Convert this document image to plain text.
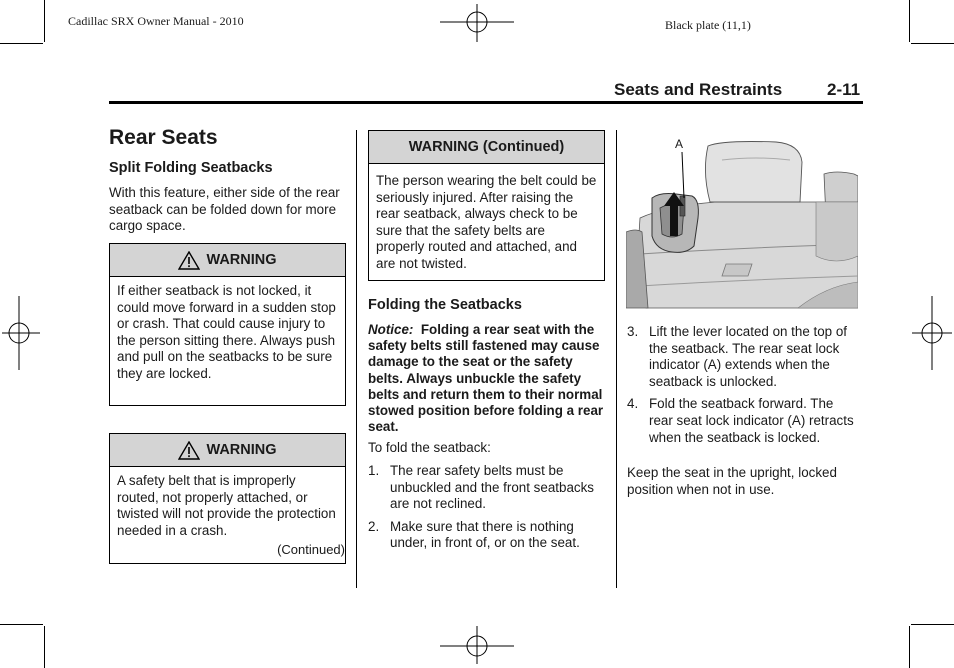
Cadillac SRX Owner Manual - 2010	Black plate (11,1)
Seats and Restraints	2-11
Rear Seats
Split Folding Seatbacks
With this feature, either side of the rear seatback can be folded down for more cargo space.
WARNING
If either seatback is not locked, it could move forward in a sudden stop or crash. That could cause injury to the person sitting there. Always push and pull on the seatbacks to be sure they are locked.
WARNING
A safety belt that is improperly routed, not properly attached, or twisted will not provide the protection needed in a crash.
(Continued)
WARNING (Continued)
The person wearing the belt could be seriously injured. After raising the rear seatback, always check to be sure that the safety belts are properly routed and attached, and are not twisted.
Folding the Seatbacks
Notice: Folding a rear seat with the safety belts still fastened may cause damage to the seat or the safety belts. Always unbuckle the safety belts and return them to their normal stowed position before folding a rear seat.
To fold the seatback:
1. The rear safety belts must be unbuckled and the front seatbacks are not reclined.
2. Make sure that there is nothing under, in front of, or on the seat.
A
3. Lift the lever located on the top of the seatback. The rear seat lock indicator (A) extends when the seatback is unlocked.
4. Fold the seatback forward. The rear seat lock indicator (A) retracts when the seatback is locked.
Keep the seat in the upright, locked position when not in use.
